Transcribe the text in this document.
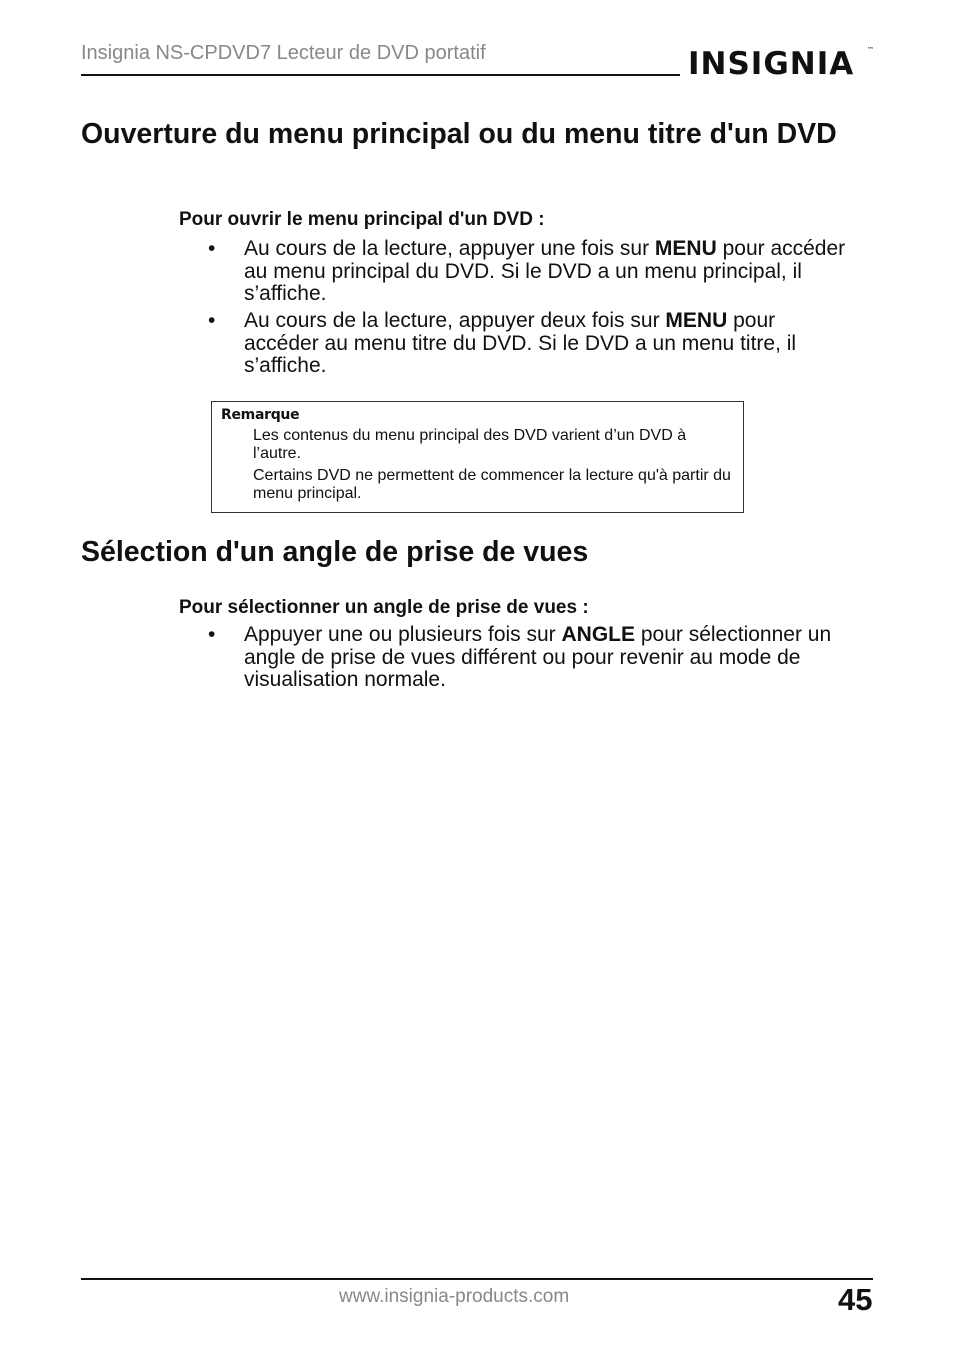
Insignia NS-CPDVD7 Lecteur de DVD portatif	INSIGNIA ™
Ouverture du menu principal ou du menu titre d'un DVD
Pour ouvrir le menu principal d'un DVD :
• Au cours de la lecture, appuyer une fois sur MENU pour accéder au menu principal du DVD. Si le DVD a un menu principal, il s’affiche.
• Au cours de la lecture, appuyer deux fois sur MENU pour accéder au menu titre du DVD. Si le DVD a un menu titre, il s’affiche.
Remarque
Les contenus du menu principal des DVD varient d’un DVD à l’autre.
Certains DVD ne permettent de commencer la lecture qu'à partir du menu principal.
Sélection d'un angle de prise de vues
Pour sélectionner un angle de prise de vues :
• Appuyer une ou plusieurs fois sur ANGLE pour sélectionner un angle de prise de vues différent ou pour revenir au mode de visualisation normale.
www.insignia-products.com	45
